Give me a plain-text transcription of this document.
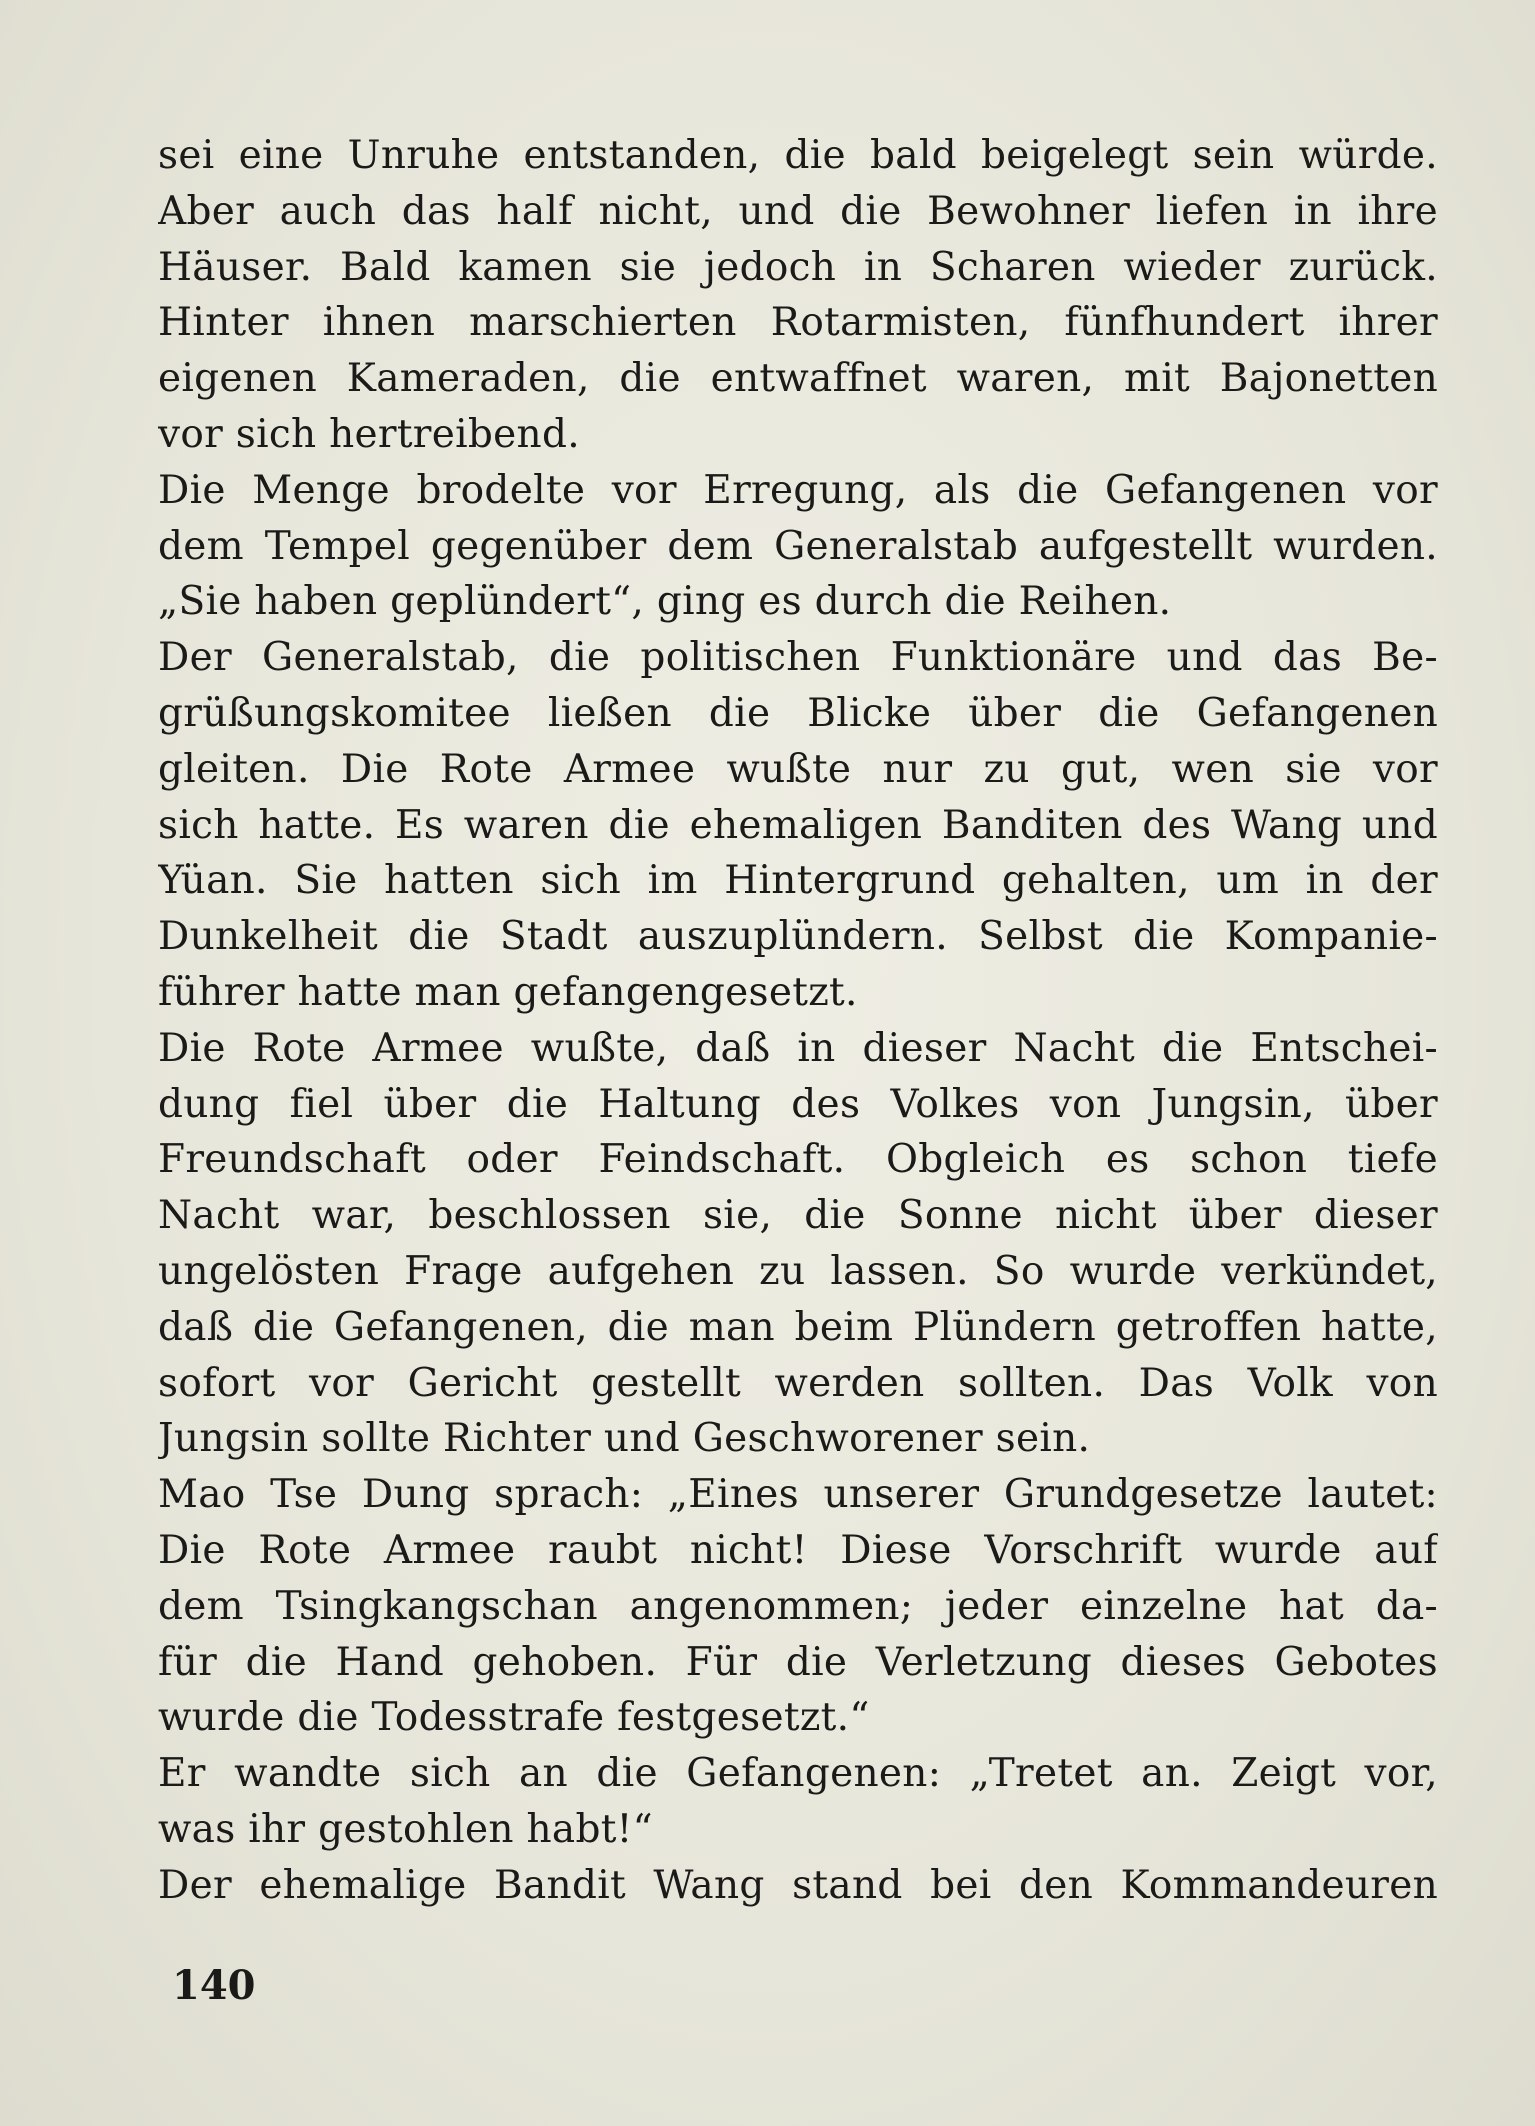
sei eine Unruhe entstanden, die bald beigelegt sein würde.
Aber auch das half nicht, und die Bewohner liefen in ihre
Häuser. Bald kamen sie jedoch in Scharen wieder zurück.
Hinter ihnen marschierten Rotarmisten, fünfhundert ihrer
eigenen Kameraden, die entwaffnet waren, mit Bajonetten
vor sich hertreibend.
Die Menge brodelte vor Erregung, als die Gefangenen vor
dem Tempel gegenüber dem Generalstab aufgestellt wurden.
„Sie haben geplündert“, ging es durch die Reihen.
Der Generalstab, die politischen Funktionäre und das Be-
grüßungskomitee ließen die Blicke über die Gefangenen
gleiten. Die Rote Armee wußte nur zu gut, wen sie vor
sich hatte. Es waren die ehemaligen Banditen des Wang und
Yüan. Sie hatten sich im Hintergrund gehalten, um in der
Dunkelheit die Stadt auszuplündern. Selbst die Kompanie-
führer hatte man gefangengesetzt.
Die Rote Armee wußte, daß in dieser Nacht die Entschei-
dung fiel über die Haltung des Volkes von Jungsin, über
Freundschaft oder Feindschaft. Obgleich es schon tiefe
Nacht war, beschlossen sie, die Sonne nicht über dieser
ungelösten Frage aufgehen zu lassen. So wurde verkündet,
daß die Gefangenen, die man beim Plündern getroffen hatte,
sofort vor Gericht gestellt werden sollten. Das Volk von
Jungsin sollte Richter und Geschworener sein.
Mao Tse Dung sprach: „Eines unserer Grundgesetze lautet:
Die Rote Armee raubt nicht! Diese Vorschrift wurde auf
dem Tsingkangschan angenommen; jeder einzelne hat da-
für die Hand gehoben. Für die Verletzung dieses Gebotes
wurde die Todesstrafe festgesetzt.“
Er wandte sich an die Gefangenen: „Tretet an. Zeigt vor,
was ihr gestohlen habt!“
Der ehemalige Bandit Wang stand bei den Kommandeuren
140
